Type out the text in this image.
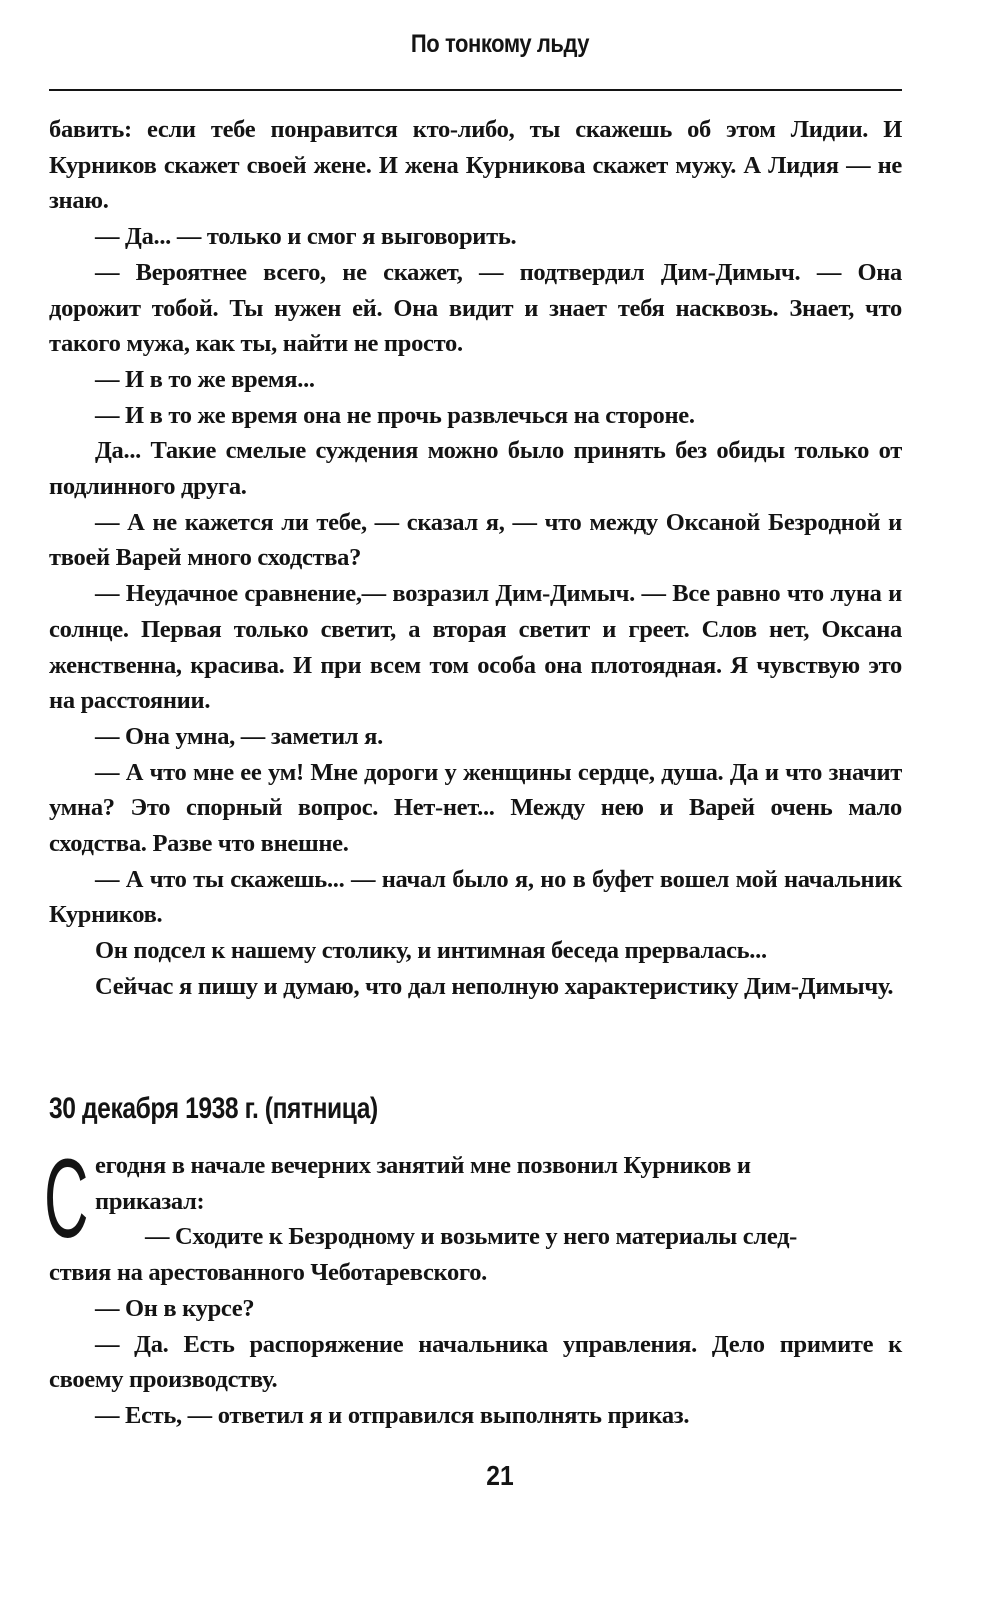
По тонкому льду

бавить: если тебе понравится кто-либо, ты скажешь об этом Лидии. И Курников скажет своей жене. И жена Курникова скажет мужу. А Лидия — не знаю.

— Да... — только и смог я выговорить.

— Вероятнее всего, не скажет, — подтвердил Дим-Димыч. — Она дорожит тобой. Ты нужен ей. Она видит и знает тебя насквозь. Знает, что такого мужа, как ты, найти не просто.

— И в то же время...

— И в то же время она не прочь развлечься на стороне.

Да... Такие смелые суждения можно было принять без обиды только от подлинного друга.

— А не кажется ли тебе, — сказал я, — что между Оксаной Безродной и твоей Варей много сходства?

— Неудачное сравнение,— возразил Дим-Димыч. — Все равно что луна и солнце. Первая только светит, а вторая светит и греет. Слов нет, Оксана женственна, красива. И при всем том особа она плотоядная. Я чувствую это на расстоянии.

— Она умна, — заметил я.

— А что мне ее ум! Мне дороги у женщины сердце, душа. Да и что значит умна? Это спорный вопрос. Нет-нет... Между нею и Варей очень мало сходства. Разве что внешне.

— А что ты скажешь... — начал было я, но в буфет вошел мой начальник Курников.

Он подсел к нашему столику, и интимная беседа прервалась...

Сейчас я пишу и думаю, что дал неполную характеристику Дим-Димычу.

30 декабря 1938 г. (пятница)
С егодня в начале вечерних занятий мне позвонил Курников и

приказал:

— Сходите к Безродному и возьмите у него материалы след-

ствия на арестованного Чеботаревского.

— Он в курсе?

— Да. Есть распоряжение начальника управления. Дело примите к своему производству.

— Есть, — ответил я и отправился выполнять приказ.

21
